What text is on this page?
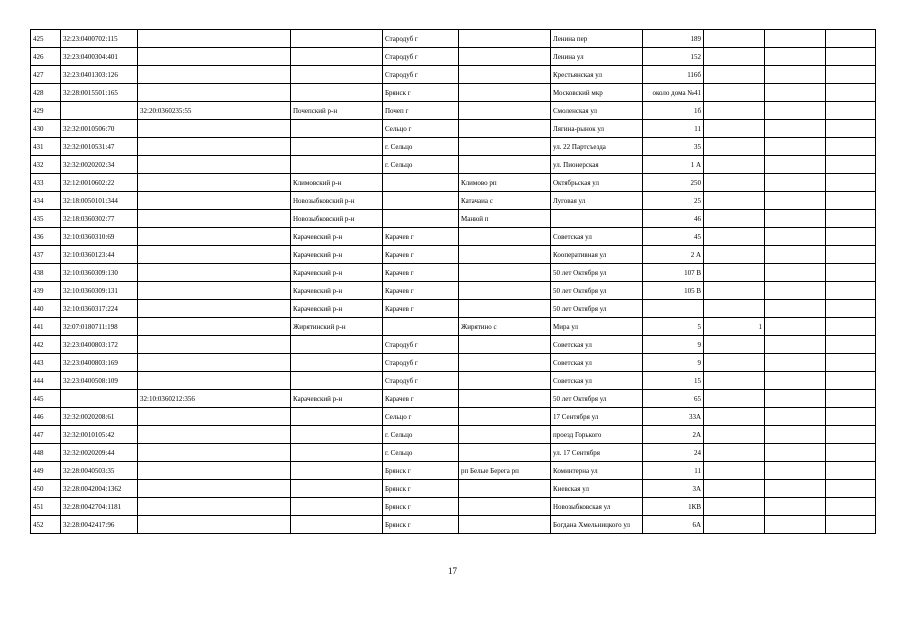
425	32:23:0400702:115			Стародуб г		Ленина пер	189			
426	32:23:0400304:401			Стародуб г		Ленина ул	152			
427	32:23:0401303:126			Стародуб г		Крестьянская ул	116б			
428	32:28:0015501:165			Брянск г		Московский мкр	около дома №41			
429		32:20:0360235:55	Почепский р-н	Почеп г		Смоленская ул	1б			
430	32:32:0010506:70			Сельцо г		Лягина-рынок ул	11			
431	32:32:0010531:47			г. Сельцо		ул. 22 Партсъезда	35			
432	32:32:0020202:34			г. Сельцо		ул. Пионерская	1 А			
433	32:12:0010602:22		Климовский р-н		Климово рп	Октябрьская ул	250			
434	32:18:0050101:344		Новозыбковский р-н		Катачаиа с	Луговая ул	25			
435	32:18:0360302:77		Новозыбковский р-н		Манюй п		46			
436	32:10:0360310:69		Карачевский р-н	Карачев г		Советская ул	45			
437	32:10:0360123:44		Карачевский р-н	Карачев г		Кооперативная ул	2 А			
438	32:10:0360309:130		Карачевский р-н	Карачев г		50 лет Октября ул	107 В			
439	32:10:0360309:131		Карачевский р-н	Карачев г		50 лет Октября ул	105 В			
440	32:10:0360317:224		Карачевский р-н	Карачев г		50 лет Октября ул				
441	32:07:0180711:198		Жирятинский р-н		Жирятино с	Мира ул	5	1		
442	32:23:0400803:172			Стародуб г		Советская ул	9			
443	32:23:0400803:169			Стародуб г		Советская ул	9			
444	32:23:0400508:109			Стародуб г		Советская ул	15			
445		32:10:0360212:356	Карачевский р-н	Карачев г		50 лет Октября ул	65			
446	32:32:0020208:61			Сельцо г		17 Сентября ул	33А			
447	32:32:0010105:42			г. Сельцо		проезд Горького	2А			
448	32:32:0020209:44			г. Сельцо		ул. 17 Сентября	24			
449	32:28:0040503:35			Брянск г	рп Белые Берега рп	Коминтерна ул	11			
450	32:28:0042004:1362			Брянск г		Киевская ул	3А			
451	32:28:0042704:1181			Брянск г		Новозыбковская ул	1КВ			
452	32:28:0042417:96			Брянск г		Богдана Хмельницкого ул	6А			
17
